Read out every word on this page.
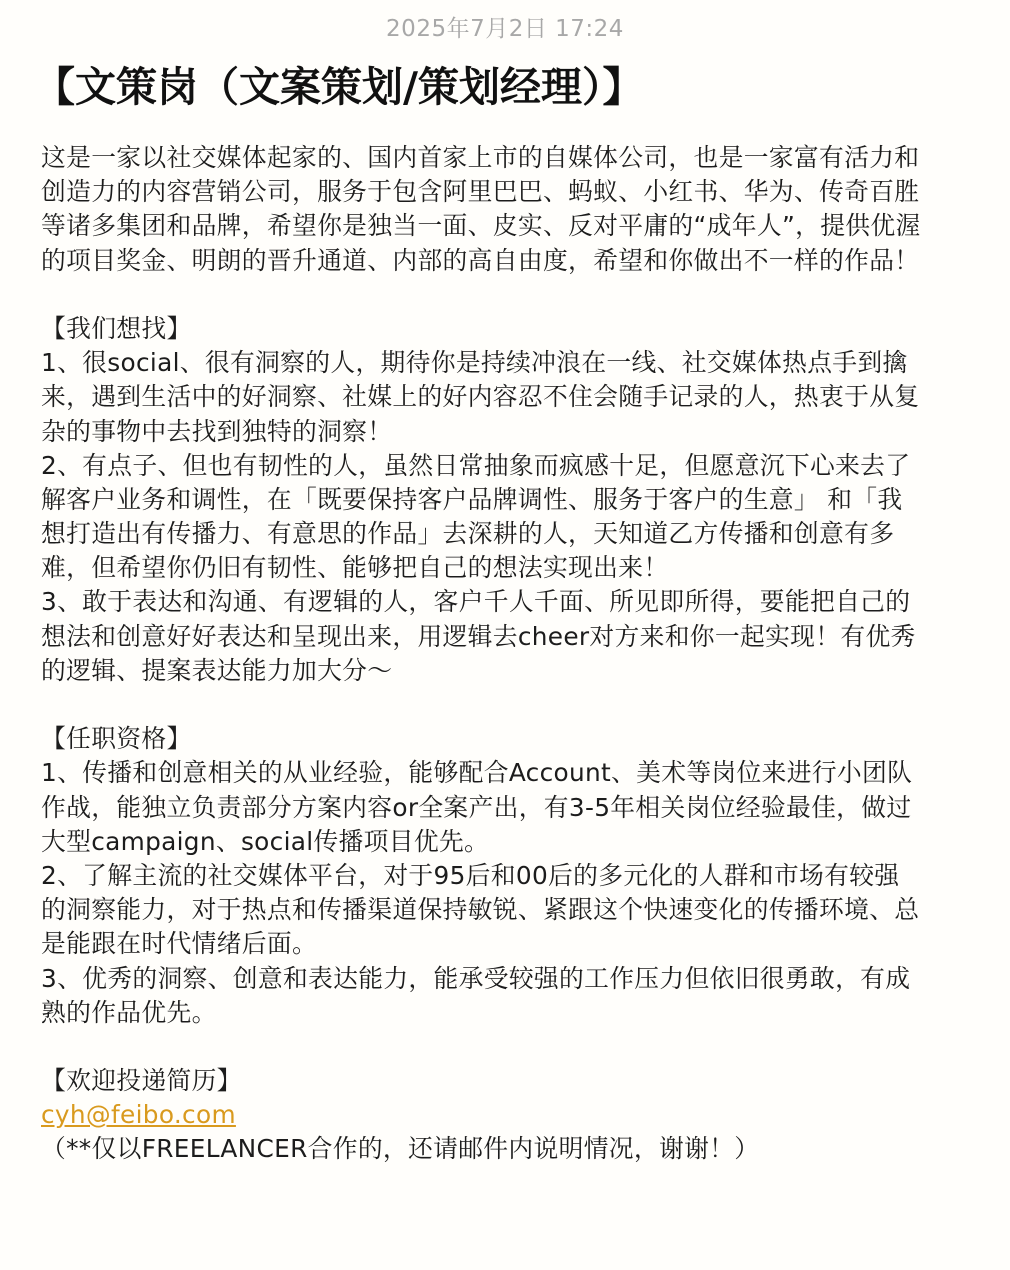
2025年7月2日 17:24
【文策岗（文案策划/策划经理）】
这是一家以社交媒体起家的、国内首家上市的自媒体公司，也是一家富有活力和
创造力的内容营销公司，服务于包含阿里巴巴、蚂蚁、小红书、华为、传奇百胜
等诸多集团和品牌，希望你是独当一面、皮实、反对平庸的“成年人”，提供优渥
的项目奖金、明朗的晋升通道、内部的高自由度，希望和你做出不一样的作品！
【我们想找】
1、很social、很有洞察的人，期待你是持续冲浪在一线、社交媒体热点手到擒
来，遇到生活中的好洞察、社媒上的好内容忍不住会随手记录的人，热衷于从复
杂的事物中去找到独特的洞察！
2、有点子、但也有韧性的人，虽然日常抽象而疯感十足，但愿意沉下心来去了
解客户业务和调性，在「既要保持客户品牌调性、服务于客户的生意」 和「我
想打造出有传播力、有意思的作品」去深耕的人，天知道乙方传播和创意有多
难，但希望你仍旧有韧性、能够把自己的想法实现出来！
3、敢于表达和沟通、有逻辑的人，客户千人千面、所见即所得，要能把自己的
想法和创意好好表达和呈现出来，用逻辑去cheer对方来和你一起实现！有优秀
的逻辑、提案表达能力加大分～
【任职资格】
1、传播和创意相关的从业经验，能够配合Account、美术等岗位来进行小团队
作战，能独立负责部分方案内容or全案产出，有3-5年相关岗位经验最佳，做过
大型campaign、social传播项目优先。
2、了解主流的社交媒体平台，对于95后和00后的多元化的人群和市场有较强
的洞察能力，对于热点和传播渠道保持敏锐、紧跟这个快速变化的传播环境、总
是能跟在时代情绪后面。
3、优秀的洞察、创意和表达能力，能承受较强的工作压力但依旧很勇敢，有成
熟的作品优先。
【欢迎投递简历】
cyh@feibo.com
（**仅以FREELANCER合作的，还请邮件内说明情况，谢谢！）
